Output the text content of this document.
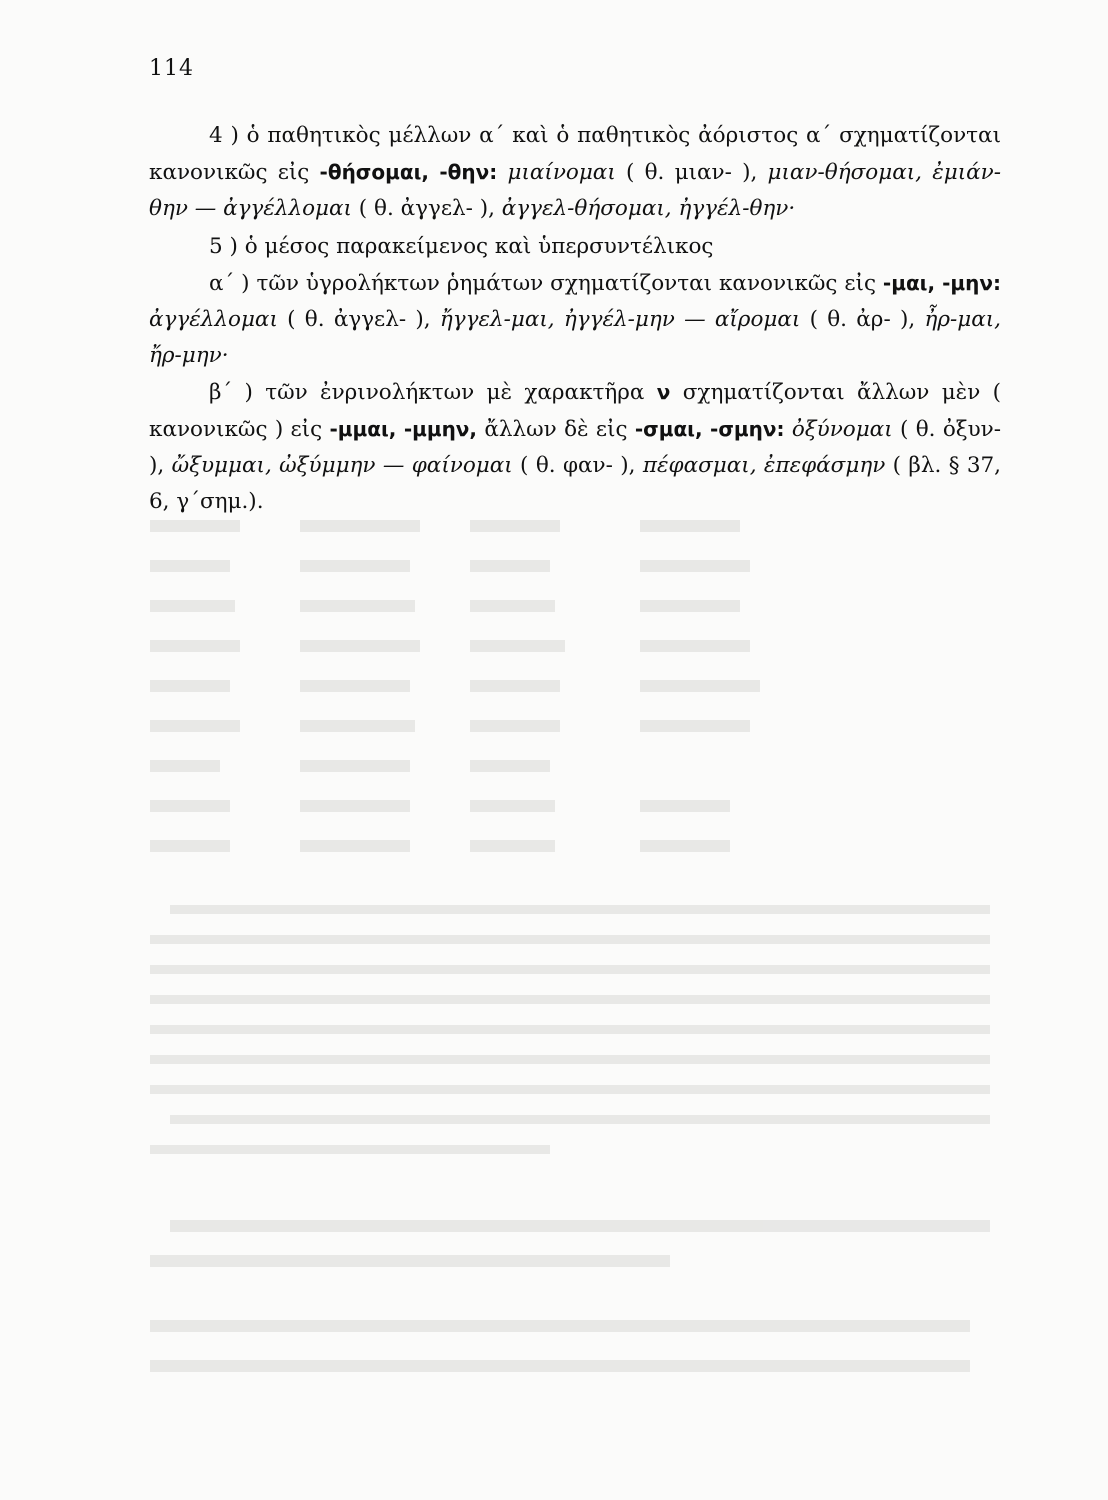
114

4 ) ὁ παθητικὸς μέλλων α΄ καὶ ὁ παθητικὸς ἀόριστος α΄ σχηματίζονται κανονικῶς εἰς -θήσομαι, -θην: μιαίνομαι ( θ. μιαν- ), μιαν-θήσομαι, ἐμιάν-θην — ἀγγέλλομαι ( θ. ἀγγελ- ), ἀγγελ-θήσομαι, ἠγγέλ-θην·

5 ) ὁ μέσος παρακείμενος καὶ ὑπερσυντέλικος

α΄ ) τῶν ὑγρολήκτων ῥημάτων σχηματίζονται κανονικῶς εἰς -μαι, -μην: ἀγγέλλομαι ( θ. ἀγγελ- ), ἤγγελ-μαι, ἠγγέλ-μην — αἴρομαι ( θ. ἀρ- ), ἦρ-μαι, ἤρ-μην·

β΄ ) τῶν ἐνρινολήκτων μὲ χαρακτῆρα ν σχηματίζονται ἄλλων μὲν ( κανονικῶς ) εἰς -μμαι, -μμην, ἄλλων δὲ εἰς -σμαι, -σμην: ὀξύνομαι ( θ. ὀξυν- ), ὤξυμμαι, ὠξύμμην — φαίνομαι ( θ. φαν- ), πέφασμαι, ἐπεφάσμην ( βλ. § 37, 6, γ΄σημ.).
